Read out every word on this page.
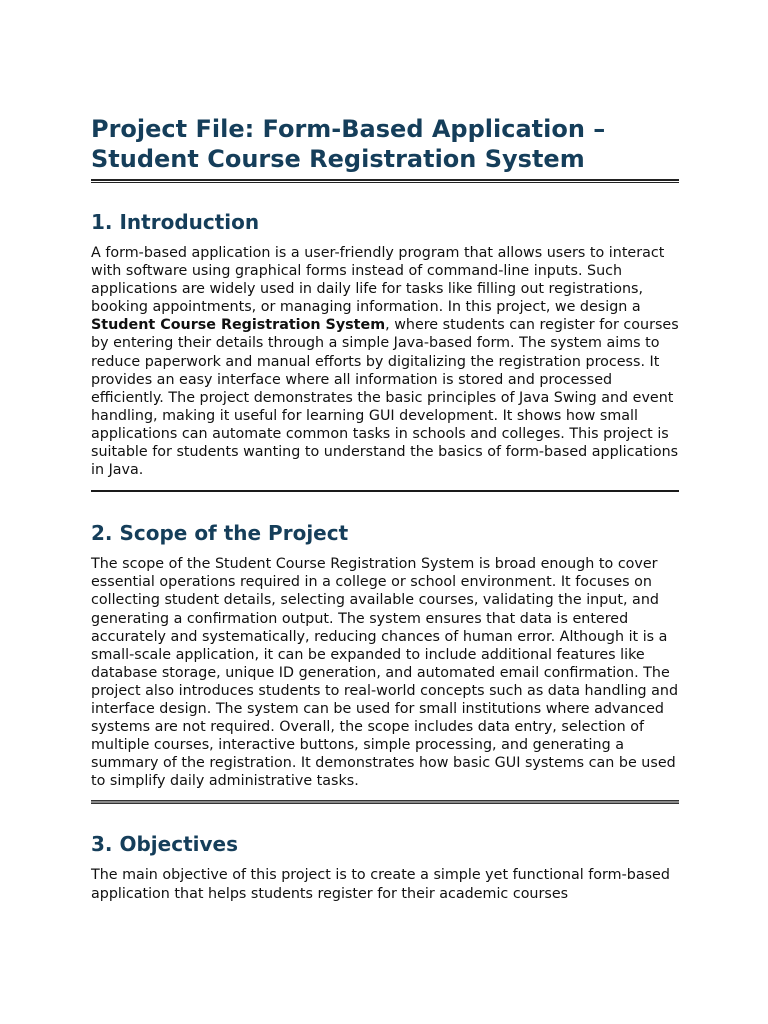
Project File: Form-Based Application – Student Course Registration System
1. Introduction

A form-based application is a user-friendly program that allows users to interact with software using graphical forms instead of command-line inputs. Such applications are widely used in daily life for tasks like filling out registrations, booking appointments, or managing information. In this project, we design a Student Course Registration System, where students can register for courses by entering their details through a simple Java-based form. The system aims to reduce paperwork and manual efforts by digitalizing the registration process. It provides an easy interface where all information is stored and processed efficiently. The project demonstrates the basic principles of Java Swing and event handling, making it useful for learning GUI development. It shows how small applications can automate common tasks in schools and colleges. This project is suitable for students wanting to understand the basics of form-based applications in Java.

2. Scope of the Project

The scope of the Student Course Registration System is broad enough to cover essential operations required in a college or school environment. It focuses on collecting student details, selecting available courses, validating the input, and generating a confirmation output. The system ensures that data is entered accurately and systematically, reducing chances of human error. Although it is a small-scale application, it can be expanded to include additional features like database storage, unique ID generation, and automated email confirmation. The project also introduces students to real-world concepts such as data handling and interface design. The system can be used for small institutions where advanced systems are not required. Overall, the scope includes data entry, selection of multiple courses, interactive buttons, simple processing, and generating a summary of the registration. It demonstrates how basic GUI systems can be used to simplify daily administrative tasks.

3. Objectives

The main objective of this project is to create a simple yet functional form-based application that helps students register for their academic courses
